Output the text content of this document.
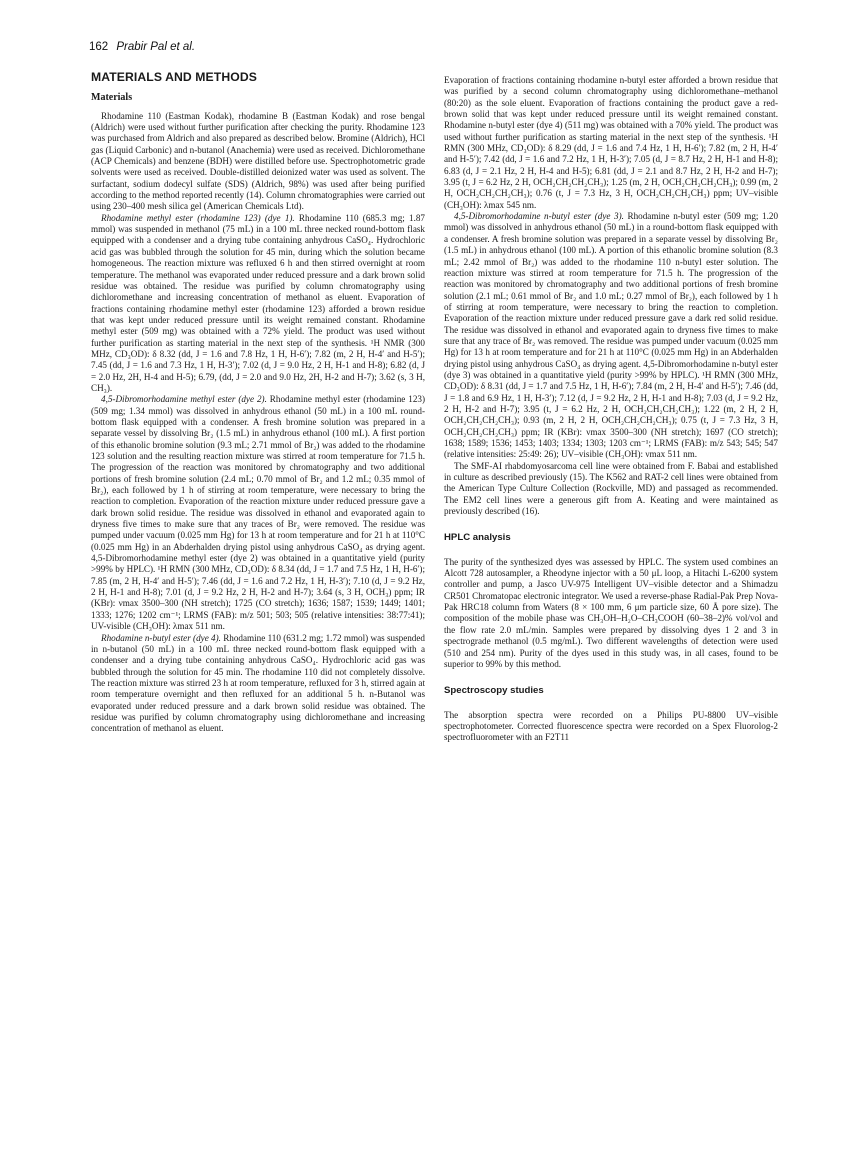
162 Prabir Pal et al.
MATERIALS AND METHODS
Materials

Rhodamine 110 (Eastman Kodak), rhodamine B (Eastman Kodak) and rose bengal (Aldrich) were used without further purification after checking the purity. Rhodamine 123 was purchased from Aldrich and also prepared as described below. Bromine (Aldrich), HCl gas (Liquid Carbonic) and n-butanol (Anachemia) were used as received. Dichloromethane (ACP Chemicals) and benzene (BDH) were distilled before use. Spectrophotometric grade solvents were used as received. Double-distilled deionized water was used as solvent. The surfactant, sodium dodecyl sulfate (SDS) (Aldrich, 98%) was used after being purified according to the method reported recently (14). Column chromatographies were carried out using 230–400 mesh silica gel (American Chemicals Ltd).

Rhodamine methyl ester (rhodamine 123) (dye 1). Rhodamine 110 (685.3 mg; 1.87 mmol) was suspended in methanol (75 mL) in a 100 mL three necked round-bottom flask equipped with a condenser and a drying tube containing anhydrous CaSO₄. Hydrochloric acid gas was bubbled through the solution for 45 min, during which the solution became homogeneous. The reaction mixture was refluxed 6 h and then stirred overnight at room temperature. The methanol was evaporated under reduced pressure and a dark brown solid residue was obtained. The residue was purified by column chromatography using dichloromethane and increasing concentration of methanol as eluent. Evaporation of fractions containing rhodamine methyl ester (rhodamine 123) afforded a brown residue that was kept under reduced pressure until its weight remained constant. Rhodamine methyl ester (509 mg) was obtained with a 72% yield. The product was used without further purification as starting material in the next step of the synthesis. ¹H NMR (300 MHz, CD₃OD): δ 8.32 (dd, J = 1.6 and 7.8 Hz, 1 H, H-6′); 7.82 (m, 2 H, H-4′ and H-5′); 7.45 (dd, J = 1.6 and 7.3 Hz, 1 H, H-3′); 7.02 (d, J = 9.0 Hz, 2 H, H-1 and H-8); 6.82 (d, J = 2.0 Hz, 2H, H-4 and H-5); 6.79, (dd, J = 2.0 and 9.0 Hz, 2H, H-2 and H-7); 3.62 (s, 3 H, CH₃).

4,5-Dibromorhodamine methyl ester (dye 2). Rhodamine methyl ester (rhodamine 123) (509 mg; 1.34 mmol) was dissolved in anhydrous ethanol (50 mL) in a 100 mL round-bottom flask equipped with a condenser. A fresh bromine solution was prepared in a separate vessel by dissolving Br₂ (1.5 mL) in anhydrous ethanol (100 mL). A first portion of this ethanolic bromine solution (9.3 mL; 2.71 mmol of Br₂) was added to the rhodamine 123 solution and the resulting reaction mixture was stirred at room temperature for 71.5 h. The progression of the reaction was monitored by chromatography and two additional portions of fresh bromine solution (2.4 mL; 0.70 mmol of Br₂ and 1.2 mL; 0.35 mmol of Br₂), each followed by 1 h of stirring at room temperature, were necessary to bring the reaction to completion. Evaporation of the reaction mixture under reduced pressure gave a dark brown solid residue. The residue was dissolved in ethanol and evaporated again to dryness five times to make sure that any traces of Br₂ were removed. The residue was pumped under vacuum (0.025 mm Hg) for 13 h at room temperature and for 21 h at 110°C (0.025 mm Hg) in an Abderhalden drying pistol using anhydrous CaSO₄ as drying agent. 4,5-Dibromorhodamine methyl ester (dye 2) was obtained in a quantitative yield (purity >99% by HPLC). ¹H RMN (300 MHz, CD₃OD): δ 8.34 (dd, J = 1.7 and 7.5 Hz, 1 H, H-6′); 7.85 (m, 2 H, H-4′ and H-5′); 7.46 (dd, J = 1.6 and 7.2 Hz, 1 H, H-3′); 7.10 (d, J = 9.2 Hz, 2 H, H-1 and H-8); 7.01 (d, J = 9.2 Hz, 2 H, H-2 and H-7); 3.64 (s, 3 H, OCH₃) ppm; IR (KBr): νmax 3500–300 (NH stretch); 1725 (CO stretch); 1636; 1587; 1539; 1449; 1401; 1333; 1276; 1202 cm⁻¹; LRMS (FAB): m/z 501; 503; 505 (relative intensities: 38:77:41); UV-visible (CH₃OH): λmax 511 nm.

Rhodamine n-butyl ester (dye 4). Rhodamine 110 (631.2 mg; 1.72 mmol) was suspended in n-butanol (50 mL) in a 100 mL three necked round-bottom flask equipped with a condenser and a drying tube containing anhydrous CaSO₄. Hydrochloric acid gas was bubbled through the solution for 45 min. The rhodamine 110 did not completely dissolve. The reaction mixture was stirred 23 h at room temperature, refluxed for 3 h, stirred again at room temperature overnight and then refluxed for an additional 5 h. n-Butanol was evaporated under reduced pressure and a dark brown solid residue was obtained. The residue was purified by column chromatography using dichloromethane and increasing concentration of methanol as eluent.

Evaporation of fractions containing rhodamine n-butyl ester afforded a brown residue that was purified by a second column chromatography using dichloromethane–methanol (80:20) as the sole eluent. Evaporation of fractions containing the product gave a red-brown solid that was kept under reduced pressure until its weight remained constant. Rhodamine n-butyl ester (dye 4) (511 mg) was obtained with a 70% yield. The product was used without further purification as starting material in the next step of the synthesis. ¹H RMN (300 MHz, CD₃OD): δ 8.29 (dd, J = 1.6 and 7.4 Hz, 1 H, H-6′); 7.82 (m, 2 H, H-4′ and H-5′); 7.42 (dd, J = 1.6 and 7.2 Hz, 1 H, H-3′); 7.05 (d, J = 8.7 Hz, 2 H, H-1 and H-8); 6.83 (d, J = 2.1 Hz, 2 H, H-4 and H-5); 6.81 (dd, J = 2.1 and 8.7 Hz, 2 H, H-2 and H-7); 3.95 (t, J = 6.2 Hz, 2 H, OCH₂CH₂CH₂CH₃); 1.25 (m, 2 H, OCH₂CH₂CH₂CH₃); 0.99 (m, 2 H, OCH₂CH₂CH₂CH₃); 0.76 (t, J = 7.3 Hz, 3 H, OCH₂CH₂CH₂CH₃) ppm; UV–visible (CH₃OH): λmax 545 nm.

4,5-Dibromorhodamine n-butyl ester (dye 3). Rhodamine n-butyl ester (509 mg; 1.20 mmol) was dissolved in anhydrous ethanol (50 mL) in a round-bottom flask equipped with a condenser. A fresh bromine solution was prepared in a separate vessel by dissolving Br₂ (1.5 mL) in anhydrous ethanol (100 mL). A portion of this ethanolic bromine solution (8.3 mL; 2.42 mmol of Br₂) was added to the rhodamine 110 n-butyl ester solution. The reaction mixture was stirred at room temperature for 71.5 h. The progression of the reaction was monitored by chromatography and two additional portions of fresh bromine solution (2.1 mL; 0.61 mmol of Br₂ and 1.0 mL; 0.27 mmol of Br₂), each followed by 1 h of stirring at room temperature, were necessary to bring the reaction to completion. Evaporation of the reaction mixture under reduced pressure gave a dark red solid residue. The residue was dissolved in ethanol and evaporated again to dryness five times to make sure that any trace of Br₂ was removed. The residue was pumped under vacuum (0.025 mm Hg) for 13 h at room temperature and for 21 h at 110°C (0.025 mm Hg) in an Abderhalden drying pistol using anhydrous CaSO₄ as drying agent. 4,5-Dibromorhodamine n-butyl ester (dye 3) was obtained in a quantitative yield (purity >99% by HPLC). ¹H RMN (300 MHz, CD₃OD): δ 8.31 (dd, J = 1.7 and 7.5 Hz, 1 H, H-6′); 7.84 (m, 2 H, H-4′ and H-5′); 7.46 (dd, J = 1.8 and 6.9 Hz, 1 H, H-3′); 7.12 (d, J = 9.2 Hz, 2 H, H-1 and H-8); 7.03 (d, J = 9.2 Hz, 2 H, H-2 and H-7); 3.95 (t, J = 6.2 Hz, 2 H, OCH₂CH₂CH₂CH₃); 1.22 (m, 2 H, 2 H, OCH₂CH₂CH₂CH₃); 0.93 (m, 2 H, 2 H, OCH₂CH₂CH₂CH₃); 0.75 (t, J = 7.3 Hz, 3 H, OCH₂CH₂CH₂CH₃) ppm; IR (KBr): νmax 3500–300 (NH stretch); 1697 (CO stretch); 1638; 1589; 1536; 1453; 1403; 1334; 1303; 1203 cm⁻¹; LRMS (FAB): m/z 543; 545; 547 (relative intensities: 25:49: 26); UV–visible (CH₃OH): νmax 511 nm.

The SMF-AI rhabdomyosarcoma cell line were obtained from F. Babai and established in culture as described previously (15). The K562 and RAT-2 cell lines were obtained from the American Type Culture Collection (Rockville, MD) and passaged as recommended. The EM2 cell lines were a generous gift from A. Keating and were maintained as previously described (16).

HPLC analysis

The purity of the synthesized dyes was assessed by HPLC. The system used combines an Alcott 728 autosampler, a Rheodyne injector with a 50 μL loop, a Hitachi L-6200 system controller and pump, a Jasco UV-975 Intelligent UV–visible detector and a Shimadzu CR501 Chromatopac electronic integrator. We used a reverse-phase Radial-Pak Prep Nova-Pak HRC18 column from Waters (8 × 100 mm, 6 μm particle size, 60 Å pore size). The composition of the mobile phase was CH₃OH–H₂O–CH₃COOH (60–38–2)% vol/vol and the flow rate 2.0 mL/min. Samples were prepared by dissolving dyes 1 2 and 3 in spectrograde methanol (0.5 mg/mL). Two different wavelengths of detection were used (510 and 254 nm). Purity of the dyes used in this study was, in all cases, found to be superior to 99% by this method.

Spectroscopy studies

The absorption spectra were recorded on a Philips PU-8800 UV–visible spectrophotometer. Corrected fluorescence spectra were recorded on a Spex Fluorolog-2 spectrofluorometer with an F2T11
